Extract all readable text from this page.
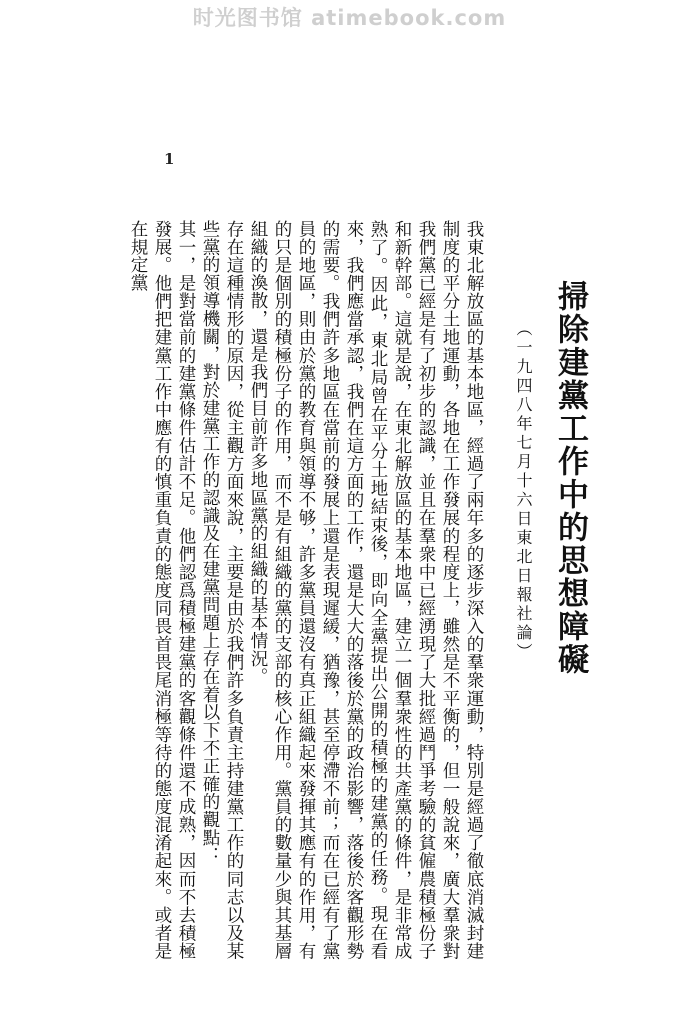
时光图书馆 atimebook.com
1
掃除建黨工作中的思想障礙
（一九四八年七月十六日東北日報社論）

我東北解放區的基本地區，經過了兩年多的逐步深入的羣衆運動，特別是經過了徹底消滅封建制度的平分土地運動，各地在工作發展的程度上，雖然是不平衡的，但一般說來，廣大羣衆對我們黨已經是有了初步的認識，並且在羣衆中已經湧現了大批經過鬥爭考驗的貧僱農積極份子和新幹部。這就是說，在東北解放區的基本地區，建立一個羣衆性的共產黨的條件，是非常成熟了。因此，東北局曾在平分土地結束後，即向全黨提出公開的積極的建黨的任務。現在看來，我們應當承認，我們在這方面的工作，還是大大的落後於黨的政治影響，落後於客觀形勢的需要。我們許多地區在當前的發展上還是表現遲緩，猶豫，甚至停滯不前；而在已經有了黨員的地區，則由於黨的教育與領導不够，許多黨員還沒有真正組織起來發揮其應有的作用，有的只是個別的積極份子的作用，而不是有組織的黨的支部的核心作用。黨員的數量少與其基層組織的渙散，還是我們目前許多地區黨的組織的基本情況。

存在這種情形的原因，從主觀方面來說，主要是由於我們許多負責主持建黨工作的同志以及某些黨的領導機關，對於建黨工作的認識及在建黨問題上存在着以下不正確的觀點：

其一，是對當前的建黨條件估計不足。他們認爲積極建黨的客觀條件還不成熟，因而不去積極發展。他們把建黨工作中應有的慎重負責的態度同畏首畏尾消極等待的態度混淆起來。或者是在規定黨
